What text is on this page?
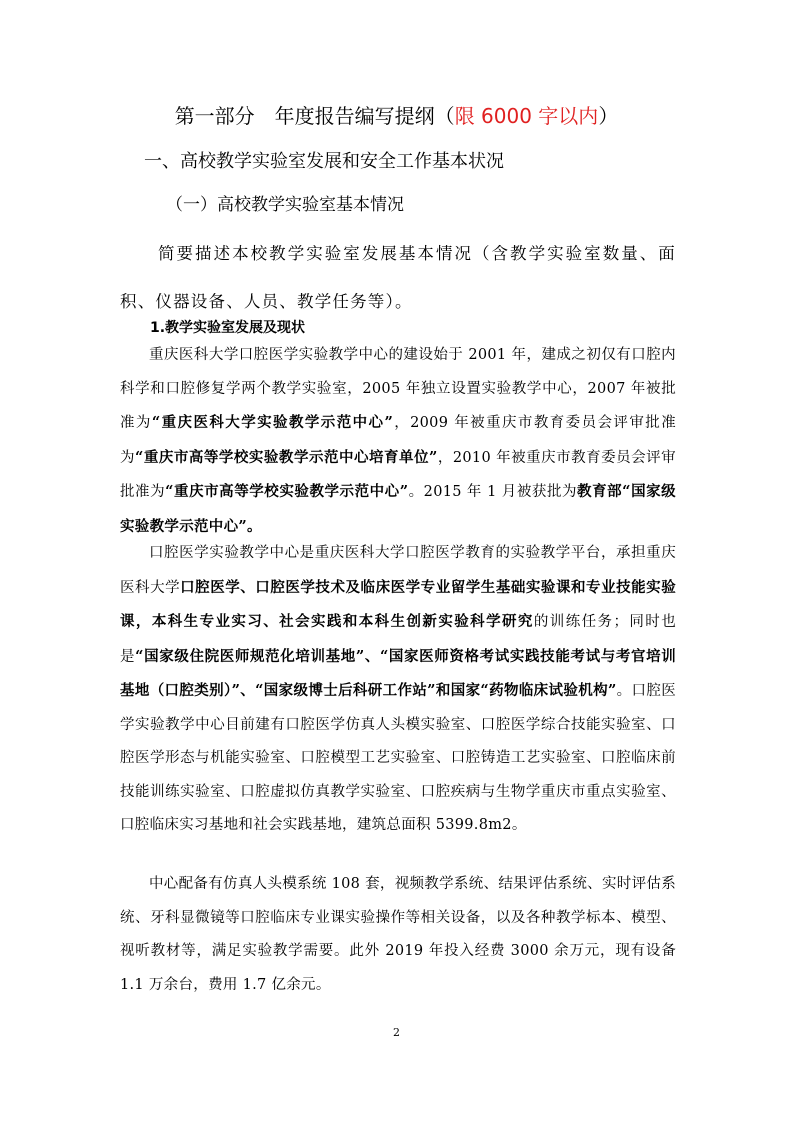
第一部分　年度报告编写提纲（限 6000 字以内）
一、高校教学实验室发展和安全工作基本状况
（一）高校教学实验室基本情况
简要描述本校教学实验室发展基本情况（含教学实验室数量、面积、仪器设备、人员、教学任务等）。
1.教学实验室发展及现状
重庆医科大学口腔医学实验教学中心的建设始于 2001 年，建成之初仅有口腔内科学和口腔修复学两个教学实验室，2005 年独立设置实验教学中心，2007 年被批准为“重庆医科大学实验教学示范中心”，2009 年被重庆市教育委员会评审批准为“重庆市高等学校实验教学示范中心培育单位”，2010 年被重庆市教育委员会评审批准为“重庆市高等学校实验教学示范中心”。2015 年 1 月被获批为教育部“国家级实验教学示范中心”。
口腔医学实验教学中心是重庆医科大学口腔医学教育的实验教学平台，承担重庆医科大学口腔医学、口腔医学技术及临床医学专业留学生基础实验课和专业技能实验课，本科生专业实习、社会实践和本科生创新实验科学研究的训练任务；同时也是“国家级住院医师规范化培训基地”、“国家医师资格考试实践技能考试与考官培训基地（口腔类别）”、“国家级博士后科研工作站”和国家“药物临床试验机构”。口腔医学实验教学中心目前建有口腔医学仿真人头模实验室、口腔医学综合技能实验室、口腔医学形态与机能实验室、口腔模型工艺实验室、口腔铸造工艺实验室、口腔临床前技能训练实验室、口腔虚拟仿真教学实验室、口腔疾病与生物学重庆市重点实验室、口腔临床实习基地和社会实践基地，建筑总面积 5399.8m2。
中心配备有仿真人头模系统 108 套，视频教学系统、结果评估系统、实时评估系统、牙科显微镜等口腔临床专业课实验操作等相关设备，以及各种教学标本、模型、视听教材等，满足实验教学需要。此外 2019 年投入经费 3000 余万元，现有设备 1.1 万余台，费用 1.7 亿余元。
2
